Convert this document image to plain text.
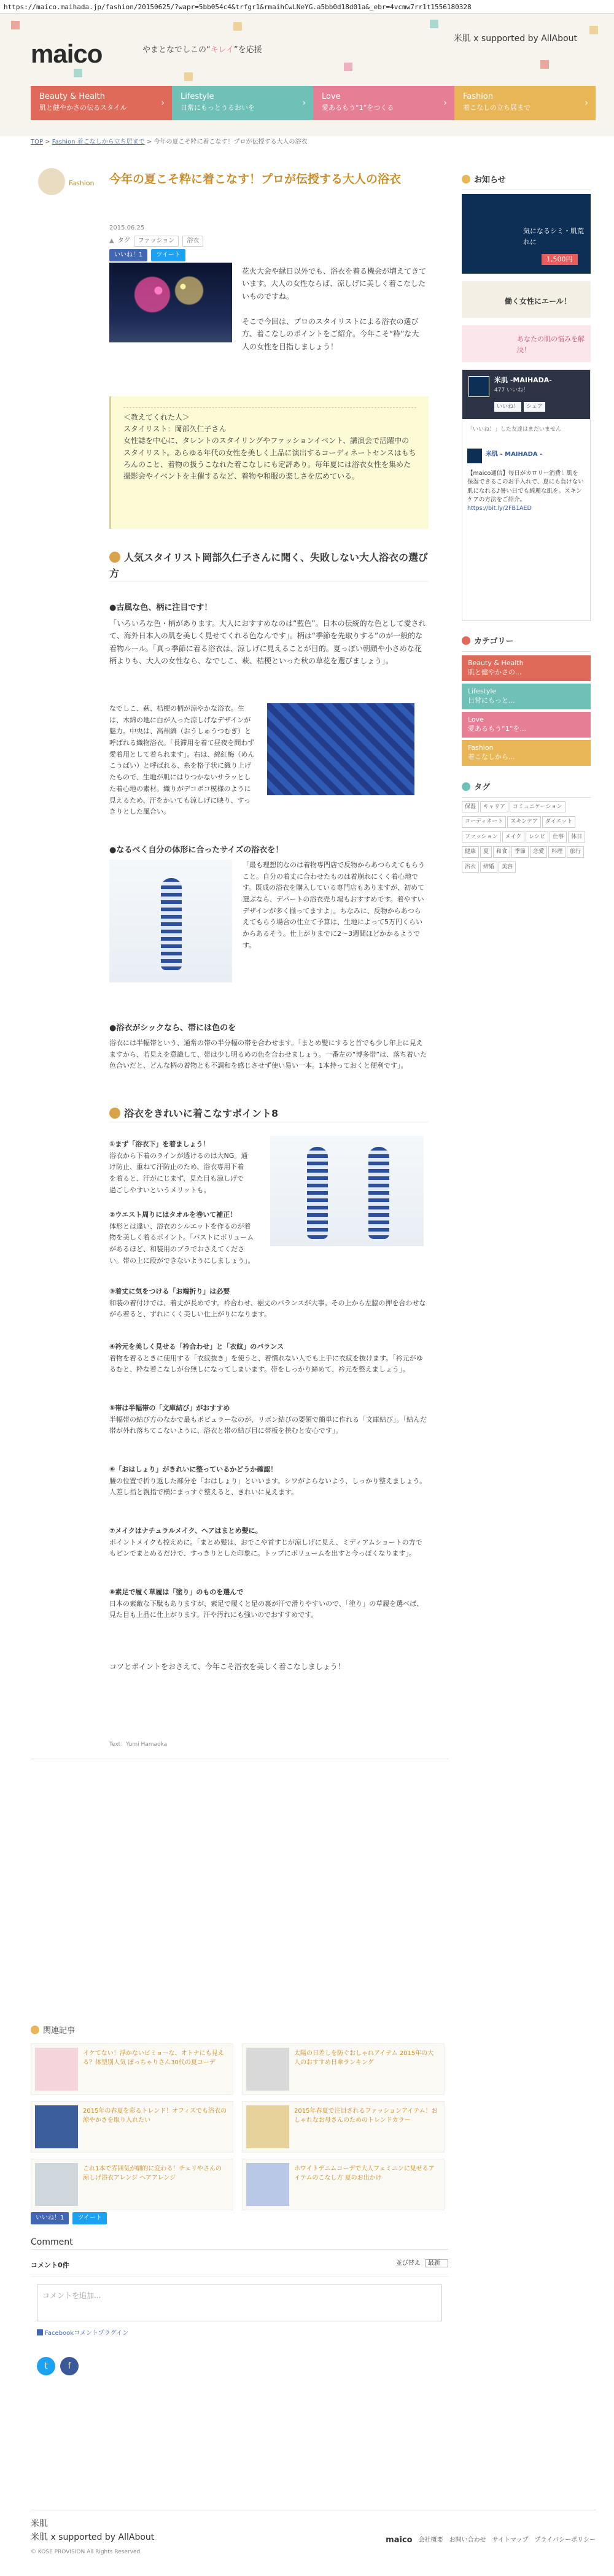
https://maico.maihada.jp/fashion/20150625/?wapr=5bb054c4&trfgr1&rmaihCwLNeYG.a5bb0d18d01a&_ebr=4vcmw7rr1t1556180328
maico	やまとなでしこの“キレイ”を応援
米肌 x supported by AllAbout
Beauty & Health
肌と健やかさの伝るスタイル	›
Lifestyle
日常にもっとうるおいを	›
Love
愛あるもう“1”をつくる	›
Fashion
着こなしの立ち居まで	›
TOP > Fashion 着こなしから立ち居まで > 今年の夏こそ粋に着こなす！プロが伝授する大人の浴衣
Fashion 今年の夏こそ粋に着こなす！プロが伝授する大人の浴衣
2015.06.25
▲ タグ	ファッション	浴衣
いいね！1	ツイート
花火大会や縁日以外でも、浴衣を着る機会が増えてきています。大人の女性ならば、涼しげに美しく着こなしたいものですね。
そこで今回は、プロのスタイリストによる浴衣の選び方、着こなしのポイントをご紹介。今年こそ“粋”な大人の女性を目指しましょう！
＜教えてくれた人＞
スタイリスト：岡部久仁子さん
女性誌を中心に、タレントのスタイリングやファッションイベント、講演会で活躍中のスタイリスト。あらゆる年代の女性を美しく上品に演出するコーディネートセンスはもちろんのこと、着物の扱うこなれた着こなしにも定評あり。毎年夏には浴衣女性を集めた撮影会やイベントを主催するなど、着物や和服の楽しさを広めている。
人気スタイリスト岡部久仁子さんに聞く、失敗しない大人浴衣の選び方
●古風な色、柄に注目です！
「いろいろな色・柄があります。大人におすすめなのは“藍色”。日本の伝統的な色として愛されて、海外日本人の肌を美しく見せてくれる色なんです」。柄は“季節を先取りする”のが一般的な着物ルール。「真っ季節に着る浴衣は、涼しげに見えることが目的。夏っぽい朝顔や小さめな花柄よりも、大人の女性なら、なでしこ、萩、桔梗といった秋の草花を選びましょう」。
なでしこ、萩、桔梗の柄が涼やかな浴衣。生は、木綿の地に白が入った涼しげなデザインが魅力。中央は、高州縞（おうしゅうつむぎ）と呼ばれる織物浴衣。「長滞用を着て昼夜を問わず愛着用として着られます」。右は、綿紅梅（めんこうばい）と呼ばれる、糸を格子状に織り上げたもので、生地が肌にはりつかないサラッとした着心地の素材。織りがデコボコ模様のように見えるため、汗をかいても涼しげに映り、すっきりとした風合い。
●なるべく自分の体形に合ったサイズの浴衣を！
「最も理想的なのは着物専門店で反物からあつらえてもらうこと。自分の着丈に合わせたものは着崩れにくく着心地です。既成の浴衣を購入している専門店もありますが、初めて選ぶなら、デパートの浴衣売り場もおすすめです。着やすいデザインが多く揃ってますよ」。ちなみに、反物からあつらえてもらう場合の仕立て予算は、生地によって5万円くらいからあるそう。仕上がりまでに2〜3週間ほどかかるようです。
●浴衣がシックなら、帯には色のを
浴衣には半幅帯という、通常の帯の半分幅の帯を合わせます。「まとめ髪にすると首でも少し年上に見えますから、若見えを意識して、帯は少し明るめの色を合わせましょう。一番左の“博多帯”は、落ち着いた色合いだと、どんな柄の着物とも不調和を感じさせず使い易い一本。1本持っておくと便利です」。
浴衣をきれいに着こなすポイント8
①まず「浴衣下」を着ましょう！
浴衣から下着のラインが透けるのは大NG。通け防止、重ねて汗防止のため、浴衣専用下着を着ると、汗がにじまず、見た目も涼しげで過ごしやすいというメリットも。
②ウエスト周りにはタオルを巻いて補正！
体形とは違い、浴衣のシルエットを作るのが着物を美しく着るポイント。「バストにボリュームがあるほど、和装用のブラでおさえてください。帯の上に段ができないようにしましょう」。
③着丈に気をつける「お端折り」は必要
和装の着付けでは、着丈が長めです。衿合わせ、裾丈のバランスが大事。その上から左脇の押を合わせながら着ると、ずれにくく美しい仕上がりになります。
④衿元を美しく見せる「衿合わせ」と「衣紋」のバランス
着物を着るときに使用する「衣紋抜き」を使うと、着慣れない人でも上手に衣紋を抜けます。「衿元がゆるむと、粋な着こなしが台無しになってしまいます。帯をしっかり締めて、衿元を整えましょう」。
⑤帯は半幅帯の「文庫結び」がおすすめ
半幅帯の結び方のなかで最もポピュラーなのが、リボン結びの要領で簡単に作れる「文庫結び」。「結んだ帯が外れ落ちてこないように、浴衣と帯の結び目に帯板を挟むと安心です」。
⑥「おはしょり」がきれいに整っているかどうか確認！
腰の位置で折り返した部分を「おはしょり」といいます。シワがよらないよう、しっかり整えましょう。人差し指と親指で横にまっすぐ整えると、きれいに見えます。
⑦メイクはナチュラルメイク、ヘアはまとめ髪に。
ポイントメイクも控えめに。「まとめ髪は、おでこや首すじが涼しげに見え、ミディアムショートの方でもピンでまとめるだけで、すっきりとした印象に。トップにボリュームを出すと今っぽくなります」。
⑧素足で履く草履は「塗り」のものを選んで
日本の素敵な下駄もありますが、素足で履くと足の裏が汗で滑りやすいので、「塗り」の草履を選べば、見た目も上品に仕上がります。汗や汚れにも強いのでおすすめです。
コツとポイントをおさえて、今年こそ浴衣を美しく着こなしましょう！
Text：Yumi Hamaoka
関連記事
イケてない！浮かないビミョーな、オトナにも見える？体型別人気 ぽっちゃりさん30代の夏コーデ
太陽の日差しを防ぐおしゃれアイテム 2015年の大人のおすすめ日傘ランキング
2015年の春夏を彩るトレンド！オフィスでも浴衣の涼やかさを取り入れたい
2015年春夏で注目されるファッションアイテム！おしゃれなお母さんのためのトレンドカラー
これ1本で雰囲気が劇的に変わる！チェリやさんの涼しげ浴衣アレンジ ヘアアレンジ
ホワイトデニムコーデで大人フェミニンに見せるアイテムのこなし方 夏のお出かけ
いいね！1	ツイート
Comment
コメント0件	並び替え 最新
コメントを追加...
Facebookコメントプラグイン
t	f
お知らせ
気になるシミ・肌荒れに
1,500円
働く女性にエール！
あなたの肌の悩みを解決！
米肌 -MAIHADA-
477 いいね！
いいね！	シェア
「いいね！」した友達はまだいません
米肌 - MAIHADA -
【maico通信】毎日がカロリー消費！肌を保湿できるこのお手入れで、夏にも負けない肌になれる♪暑い日でも綺麗な肌を。スキンケアの方法をご紹介。
https://bit.ly/2FB1AED
カテゴリー
Beauty & Health
肌と健やかさの...
Lifestyle
日常にもっと...
Love
愛あるもう“1”を...
Fashion
着こなしから...
タグ
保湿 キャリア コミュニケーションコーディネート スキンケア ダイエットファッション メイク レシピ 仕事 休日健康 夏 和食 季節 恋愛 料理 旅行浴衣 結婚 美容
米肌
米肌 x supported by AllAbout
© KOSE PROVISION All Rights Reserved.
maico 会社概要 お問い合わせ サイトマップ プライバシーポリシー
